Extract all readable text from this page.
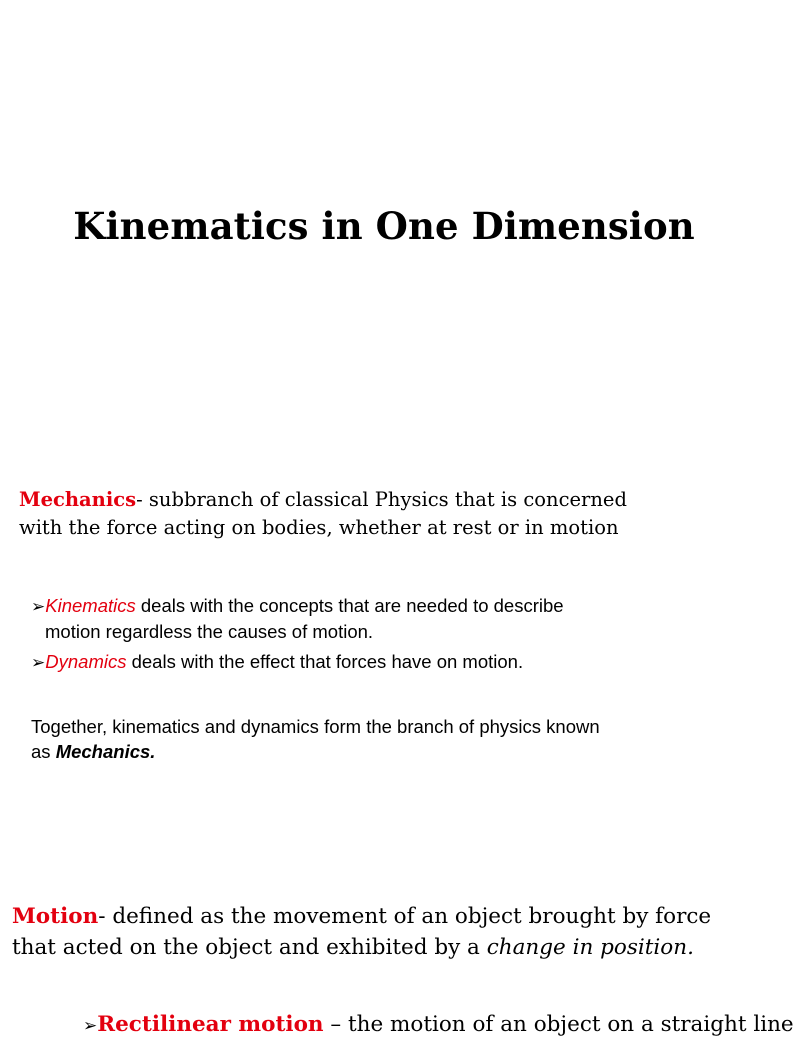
Kinematics in One Dimension

Mechanics- subbranch of classical Physics that is concerned
with the force acting on bodies, whether at rest or in motion

➢Kinematics deals with the concepts that are needed to describe
motion regardless the causes of motion.

➢Dynamics deals with the effect that forces have on motion.

Together, kinematics and dynamics form the branch of physics known
as Mechanics.

Motion- defined as the movement of an object brought by force
that acted on the object and exhibited by a change in position.

➢Rectilinear motion – the motion of an object on a straight line
